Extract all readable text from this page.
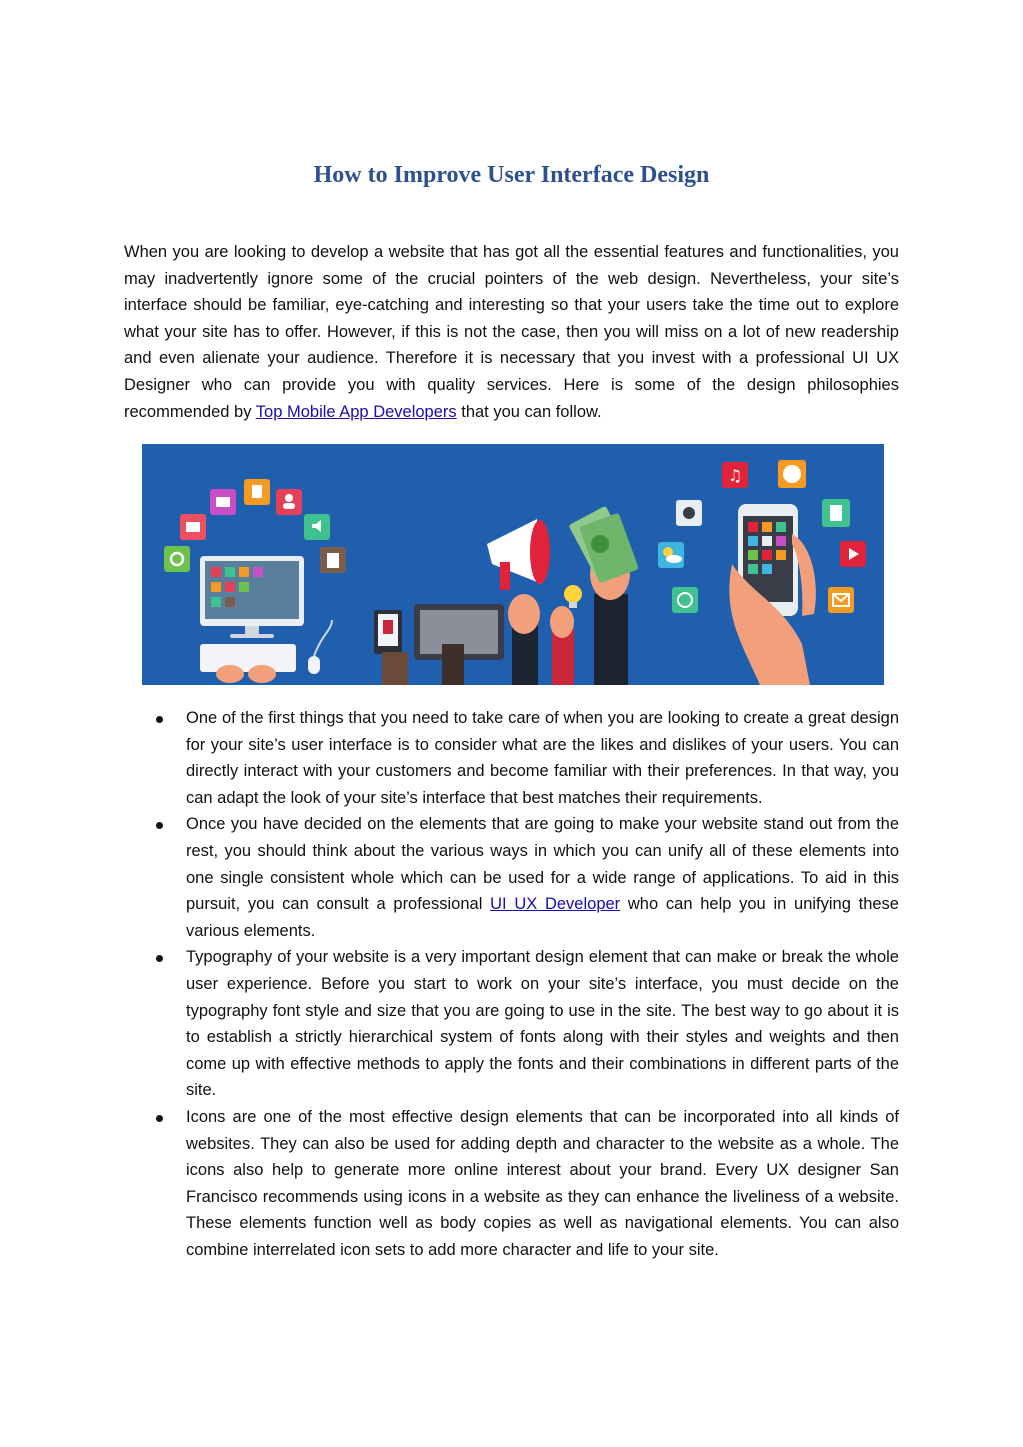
How to Improve User Interface Design

When you are looking to develop a website that has got all the essential features and functionalities, you may inadvertently ignore some of the crucial pointers of the web design. Nevertheless, your site’s interface should be familiar, eye-catching and interesting so that your users take the time out to explore what your site has to offer. However, if this is not the case, then you will miss on a lot of new readership and even alienate your audience. Therefore it is necessary that you invest with a professional UI UX Designer who can provide you with quality services. Here is some of the design philosophies recommended by Top Mobile App Developers that you can follow.

♫
One of the first things that you need to take care of when you are looking to create a great design for your site’s user interface is to consider what are the likes and dislikes of your users. You can directly interact with your customers and become familiar with their preferences. In that way, you can adapt the look of your site’s interface that best matches their requirements.
Once you have decided on the elements that are going to make your website stand out from the rest, you should think about the various ways in which you can unify all of these elements into one single consistent whole which can be used for a wide range of applications. To aid in this pursuit, you can consult a professional UI UX Developer who can help you in unifying these various elements.
Typography of your website is a very important design element that can make or break the whole user experience. Before you start to work on your site’s interface, you must decide on the typography font style and size that you are going to use in the site. The best way to go about it is to establish a strictly hierarchical system of fonts along with their styles and weights and then come up with effective methods to apply the fonts and their combinations in different parts of the site.
Icons are one of the most effective design elements that can be incorporated into all kinds of websites. They can also be used for adding depth and character to the website as a whole. The icons also help to generate more online interest about your brand. Every UX designer San Francisco recommends using icons in a website as they can enhance the liveliness of a website. These elements function well as body copies as well as navigational elements. You can also combine interrelated icon sets to add more character and life to your site.
